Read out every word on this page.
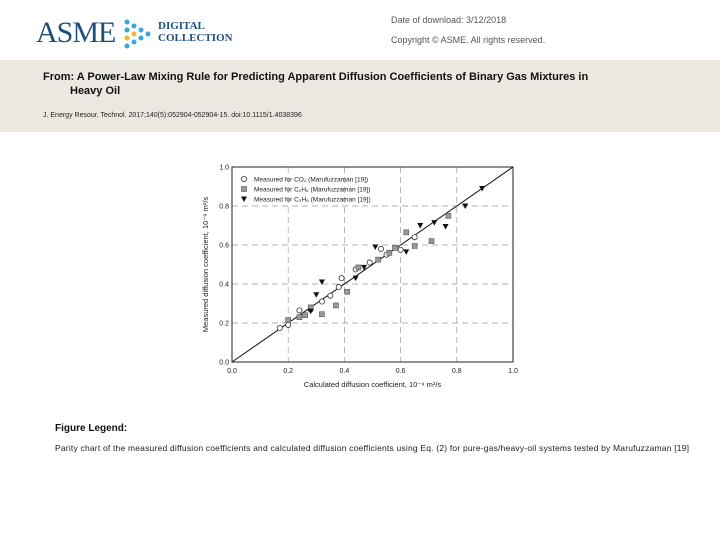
ASME	DIGITAL
COLLECTION
Date of download: 3/12/2018
Copyright © ASME. All rights reserved.
From: A Power-Law Mixing Rule for Predicting Apparent Diffusion Coefficients of Binary Gas Mixtures in
Heavy Oil
J. Energy Resour. Technol. 2017;140(5):052904-052904-15. doi:10.1115/1.4038396
0.0	0.2	0.4	0.6	0.8	1.0
0.0
0.2
0.4
0.6
0.8
1.0
Calculated diffusion coefficient, 10⁻⁹ m²/s
Measured diffusion coefficient, 10⁻⁹ m²/s
Measured for CO₂ (Marufuzzaman [19])
Measured for C₂H₆ (Marufuzzaman [19])
Measured for C₃H₈ (Marufuzzaman [19])
Figure Legend:
Parity chart of the measured diffusion coefficients and calculated diffusion coefficients using Eq. (2) for pure-gas/heavy-oil systems tested by Marufuzzaman [19]
